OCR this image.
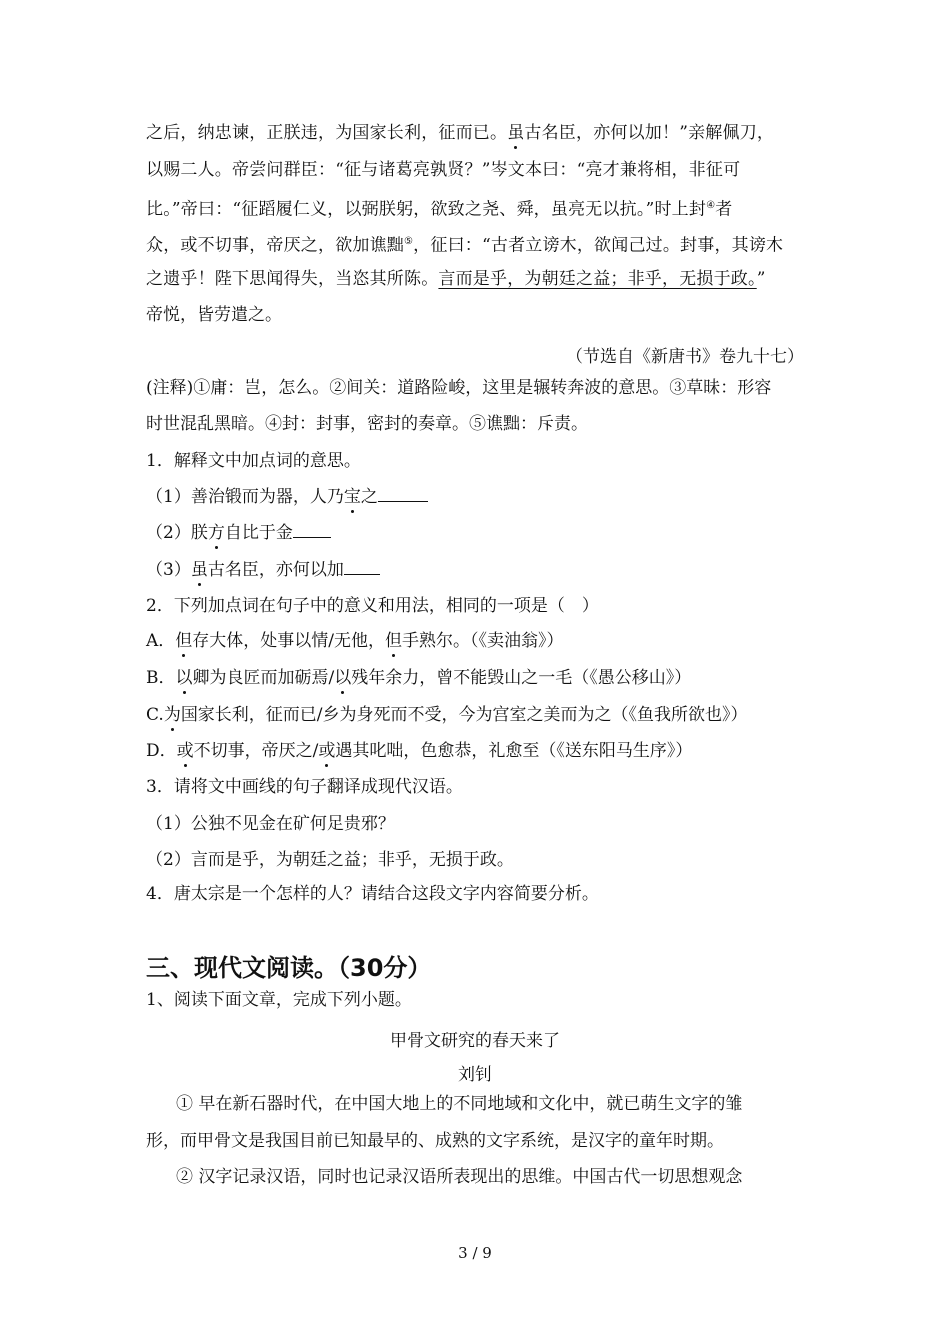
之后，纳忠谏，正朕违，为国家长利，征而已。虽古名臣，亦何以加！”亲解佩刀，
以赐二人。帝尝问群臣：“征与诸葛亮孰贤？”岑文本曰：“亮才兼将相，非征可
比。”帝曰：“征蹈履仁义，以弼朕躬，欲致之尧、舜，虽亮无以抗。”时上封④者
众，或不切事，帝厌之，欲加谯黜⑤，征曰：“古者立谤木，欲闻己过。封事，其谤木
之遗乎！陛下思闻得失，当恣其所陈。言而是乎，为朝廷之益；非乎，无损于政。”
帝悦，皆劳遣之。
（节选自《新唐书》卷九十七）
(注释)①庸：岂，怎么。②间关：道路险峻，这里是辗转奔波的意思。③草昧：形容
时世混乱黑暗。④封：封事，密封的奏章。⑤谯黜：斥责。
1．解释文中加点词的意思。
（1）善治锻而为器，人乃宝之
（2）朕方自比于金
（3）虽古名臣，亦何以加
2．下列加点词在句子中的意义和用法，相同的一项是（　）
A．但存大体，处事以情/无他，但手熟尔。（《卖油翁》）
B．以卿为良匠而加砺焉/以残年余力，曾不能毁山之一毛（《愚公移山》）
C.为国家长利，征而已/乡为身死而不受，今为宫室之美而为之（《鱼我所欲也》）
D．或不切事，帝厌之/或遇其叱咄，色愈恭，礼愈至（《送东阳马生序》）
3．请将文中画线的句子翻译成现代汉语。
（1）公独不见金在矿何足贵邪？
（2）言而是乎，为朝廷之益；非乎，无损于政。
4．唐太宗是一个怎样的人？请结合这段文字内容简要分析。
三、现代文阅读。（30分）
1、阅读下面文章，完成下列小题。
甲骨文研究的春天来了
刘钊
① 早在新石器时代，在中国大地上的不同地域和文化中，就已萌生文字的雏
形，而甲骨文是我国目前已知最早的、成熟的文字系统，是汉字的童年时期。
② 汉字记录汉语，同时也记录汉语所表现出的思维。中国古代一切思想观念
3 / 9
